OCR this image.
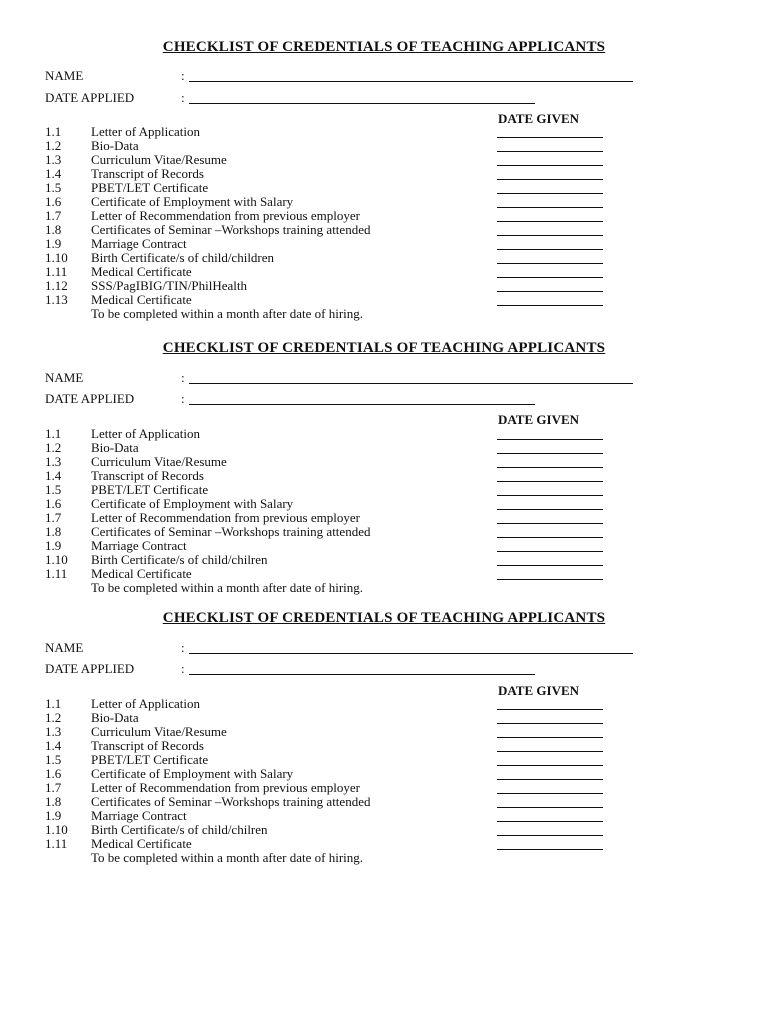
CHECKLIST OF CREDENTIALS OF TEACHING APPLICANTS
NAME	:
DATE APPLIED	:
DATE GIVEN
1.1 Letter of Application
1.2 Bio-Data
1.3 Curriculum Vitae/Resume
1.4 Transcript of Records
1.5 PBET/LET Certificate
1.6 Certificate of Employment with Salary
1.7 Letter of Recommendation from previous employer
1.8 Certificates of Seminar –Workshops training attended
1.9 Marriage Contract
1.10 Birth Certificate/s of child/children
1.11 Medical Certificate
1.12 SSS/PagIBIG/TIN/PhilHealth
1.13 Medical Certificate
To be completed within a month after date of hiring.
CHECKLIST OF CREDENTIALS OF TEACHING APPLICANTS
NAME	:
DATE APPLIED	:
DATE GIVEN
1.1 Letter of Application
1.2 Bio-Data
1.3 Curriculum Vitae/Resume
1.4 Transcript of Records
1.5 PBET/LET Certificate
1.6 Certificate of Employment with Salary
1.7 Letter of Recommendation from previous employer
1.8 Certificates of Seminar –Workshops training attended
1.9 Marriage Contract
1.10 Birth Certificate/s of child/chilren
1.11 Medical Certificate
To be completed within a month after date of hiring.
CHECKLIST OF CREDENTIALS OF TEACHING APPLICANTS
NAME	:
DATE APPLIED	:
DATE GIVEN
1.1 Letter of Application
1.2 Bio-Data
1.3 Curriculum Vitae/Resume
1.4 Transcript of Records
1.5 PBET/LET Certificate
1.6 Certificate of Employment with Salary
1.7 Letter of Recommendation from previous employer
1.8 Certificates of Seminar –Workshops training attended
1.9 Marriage Contract
1.10 Birth Certificate/s of child/chilren
1.11 Medical Certificate
To be completed within a month after date of hiring.
